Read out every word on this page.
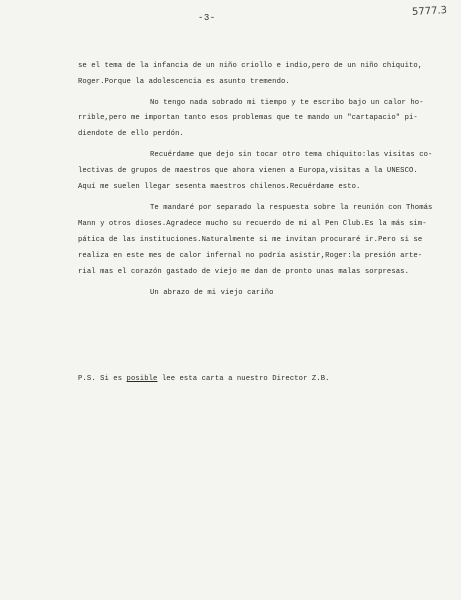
-3-
5777.3
se el tema de la infancia de un niño criollo e indio,pero de un niño chiquito,
Roger.Porque la adolescencia es asunto tremendo.
No tengo nada sobrado mi tiempo y te escribo bajo un calor ho-
rrible,pero me importan tanto esos problemas que te mando un "cartapacio" pi-
diendote de ello perdón.
Recuérdame que dejo sin tocar otro tema chiquito:las visitas co-
lectivas de grupos de maestros que ahora vienen a Europa,visitas a la UNESCO.
Aquí me suelen llegar sesenta maestros chilenos.Recuérdame esto.
Te mandaré por separado la respuesta sobre la reunión con Thomás
Mann y otros dioses.Agradece mucho su recuerdo de mí al Pen Club.Es la más sim-
pática de las instituciones.Naturalmente si me invitan procuraré ir.Pero si se
realiza en este mes de calor infernal no podría asistir,Roger:la presión arte-
rial mas el corazón gastado de viejo me dan de pronto unas malas sorpresas.
Un abrazo de mi viejo cariño
P.S. Si es posible lee esta carta a nuestro Director Z.B.
